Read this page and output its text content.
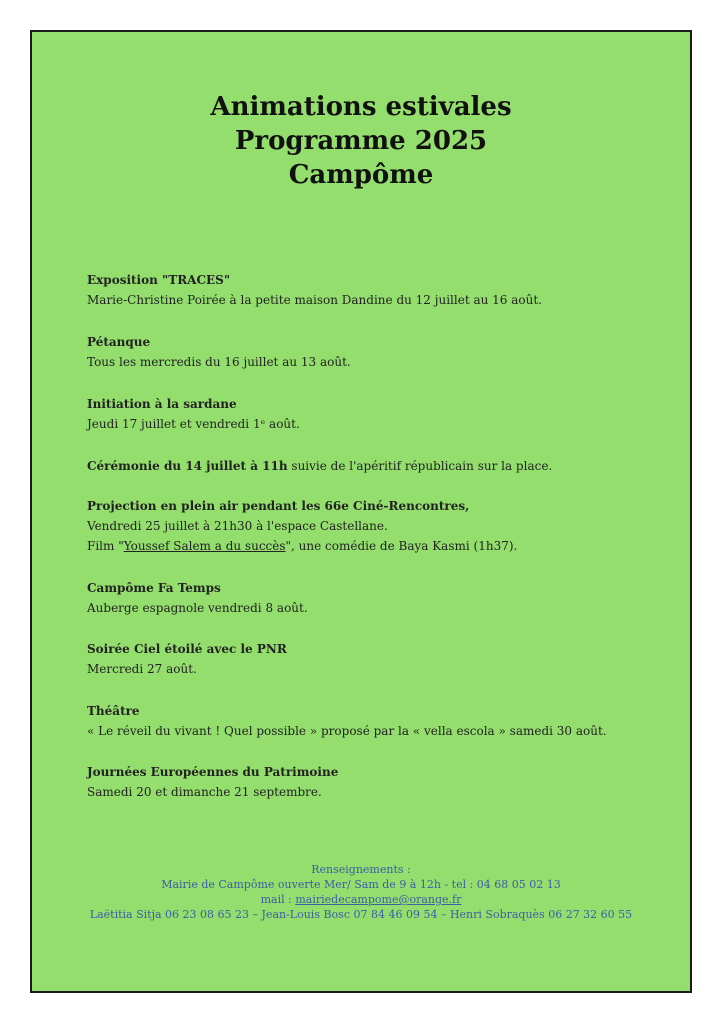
Animations estivales
Programme 2025
Campôme
Exposition "TRACES"
Marie-Christine Poirée à la petite maison Dandine du 12 juillet au 16 août.
Pétanque
Tous les mercredis du 16 juillet au 13 août.
Initiation à la sardane
Jeudi 17 juillet et vendredi 1ᵉ août.
Cérémonie du 14 juillet à 11h suivie de l'apéritif républicain sur la place.
Projection en plein air pendant les 66e Ciné-Rencontres,
Vendredi 25 juillet à 21h30 à l'espace Castellane.
Film "Youssef Salem a du succès", une comédie de Baya Kasmi (1h37).
Campôme Fa Temps
Auberge espagnole vendredi 8 août.
Soirée Ciel étoilé avec le PNR
Mercredi 27 août.
Théâtre
« Le réveil du vivant ! Quel possible » proposé par la « vella escola » samedi 30 août.
Journées Européennes du Patrimoine
Samedi 20 et dimanche 21 septembre.
Renseignements :
Mairie de Campôme ouverte Mer/ Sam de 9 à 12h - tel : 04 68 05 02 13
mail : mairiedecampome@orange.fr
Laëtitia Sitja 06 23 08 65 23 – Jean-Louis Bosc 07 84 46 09 54 – Henri Sobraquès 06 27 32 60 55
